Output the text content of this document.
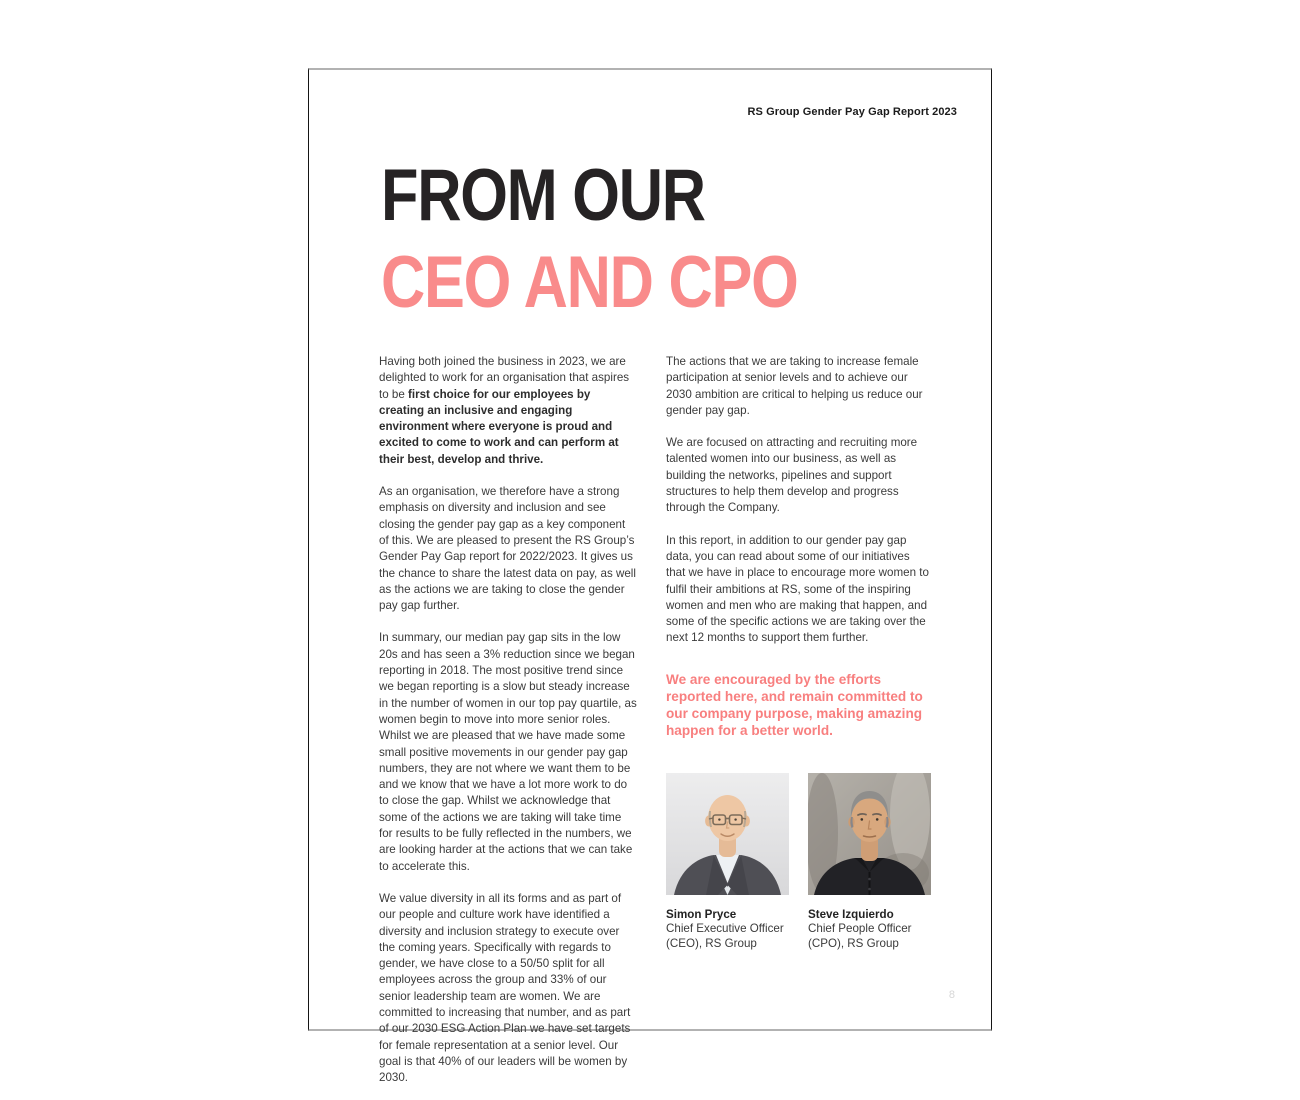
RS Group Gender Pay Gap Report 2023
FROM OUR
CEO AND CPO

Having both joined the business in 2023, we are delighted to work for an organisation that aspires to be first choice for our employees by creating an inclusive and engaging environment where everyone is proud and excited to come to work and can perform at their best, develop and thrive.

As an organisation, we therefore have a strong emphasis on diversity and inclusion and see closing the gender pay gap as a key component of this. We are pleased to present the RS Group’s Gender Pay Gap report for 2022/2023. It gives us the chance to share the latest data on pay, as well as the actions we are taking to close the gender pay gap further.

In summary, our median pay gap sits in the low 20s and has seen a 3% reduction since we began reporting in 2018. The most positive trend since we began reporting is a slow but steady increase in the number of women in our top pay quartile, as women begin to move into more senior roles. Whilst we are pleased that we have made some small positive movements in our gender pay gap numbers, they are not where we want them to be and we know that we have a lot more work to do to close the gap. Whilst we acknowledge that some of the actions we are taking will take time for results to be fully reflected in the numbers, we are looking harder at the actions that we can take to accelerate this.

We value diversity in all its forms and as part of our people and culture work have identified a diversity and inclusion strategy to execute over the coming years. Specifically with regards to gender, we have close to a 50/50 split for all employees across the group and 33% of our senior leadership team are women. We are committed to increasing that number, and as part of our 2030 ESG Action Plan we have set targets for female representation at a senior level. Our goal is that 40% of our leaders will be women by 2030.

The actions that we are taking to increase female participation at senior levels and to achieve our 2030 ambition are critical to helping us reduce our gender pay gap.

We are focused on attracting and recruiting more talented women into our business, as well as building the networks, pipelines and support structures to help them develop and progress through the Company.

In this report, in addition to our gender pay gap data, you can read about some of our initiatives that we have in place to encourage more women to fulfil their ambitions at RS, some of the inspiring women and men who are making that happen, and some of the specific actions we are taking over the next 12 months to support them further.

We are encouraged by the efforts reported here, and remain committed to our company purpose, making amazing happen for a better world.

Simon Pryce
Chief Executive Officer
(CEO), RS Group
Steve Izquierdo
Chief People Officer
(CPO), RS Group
8
